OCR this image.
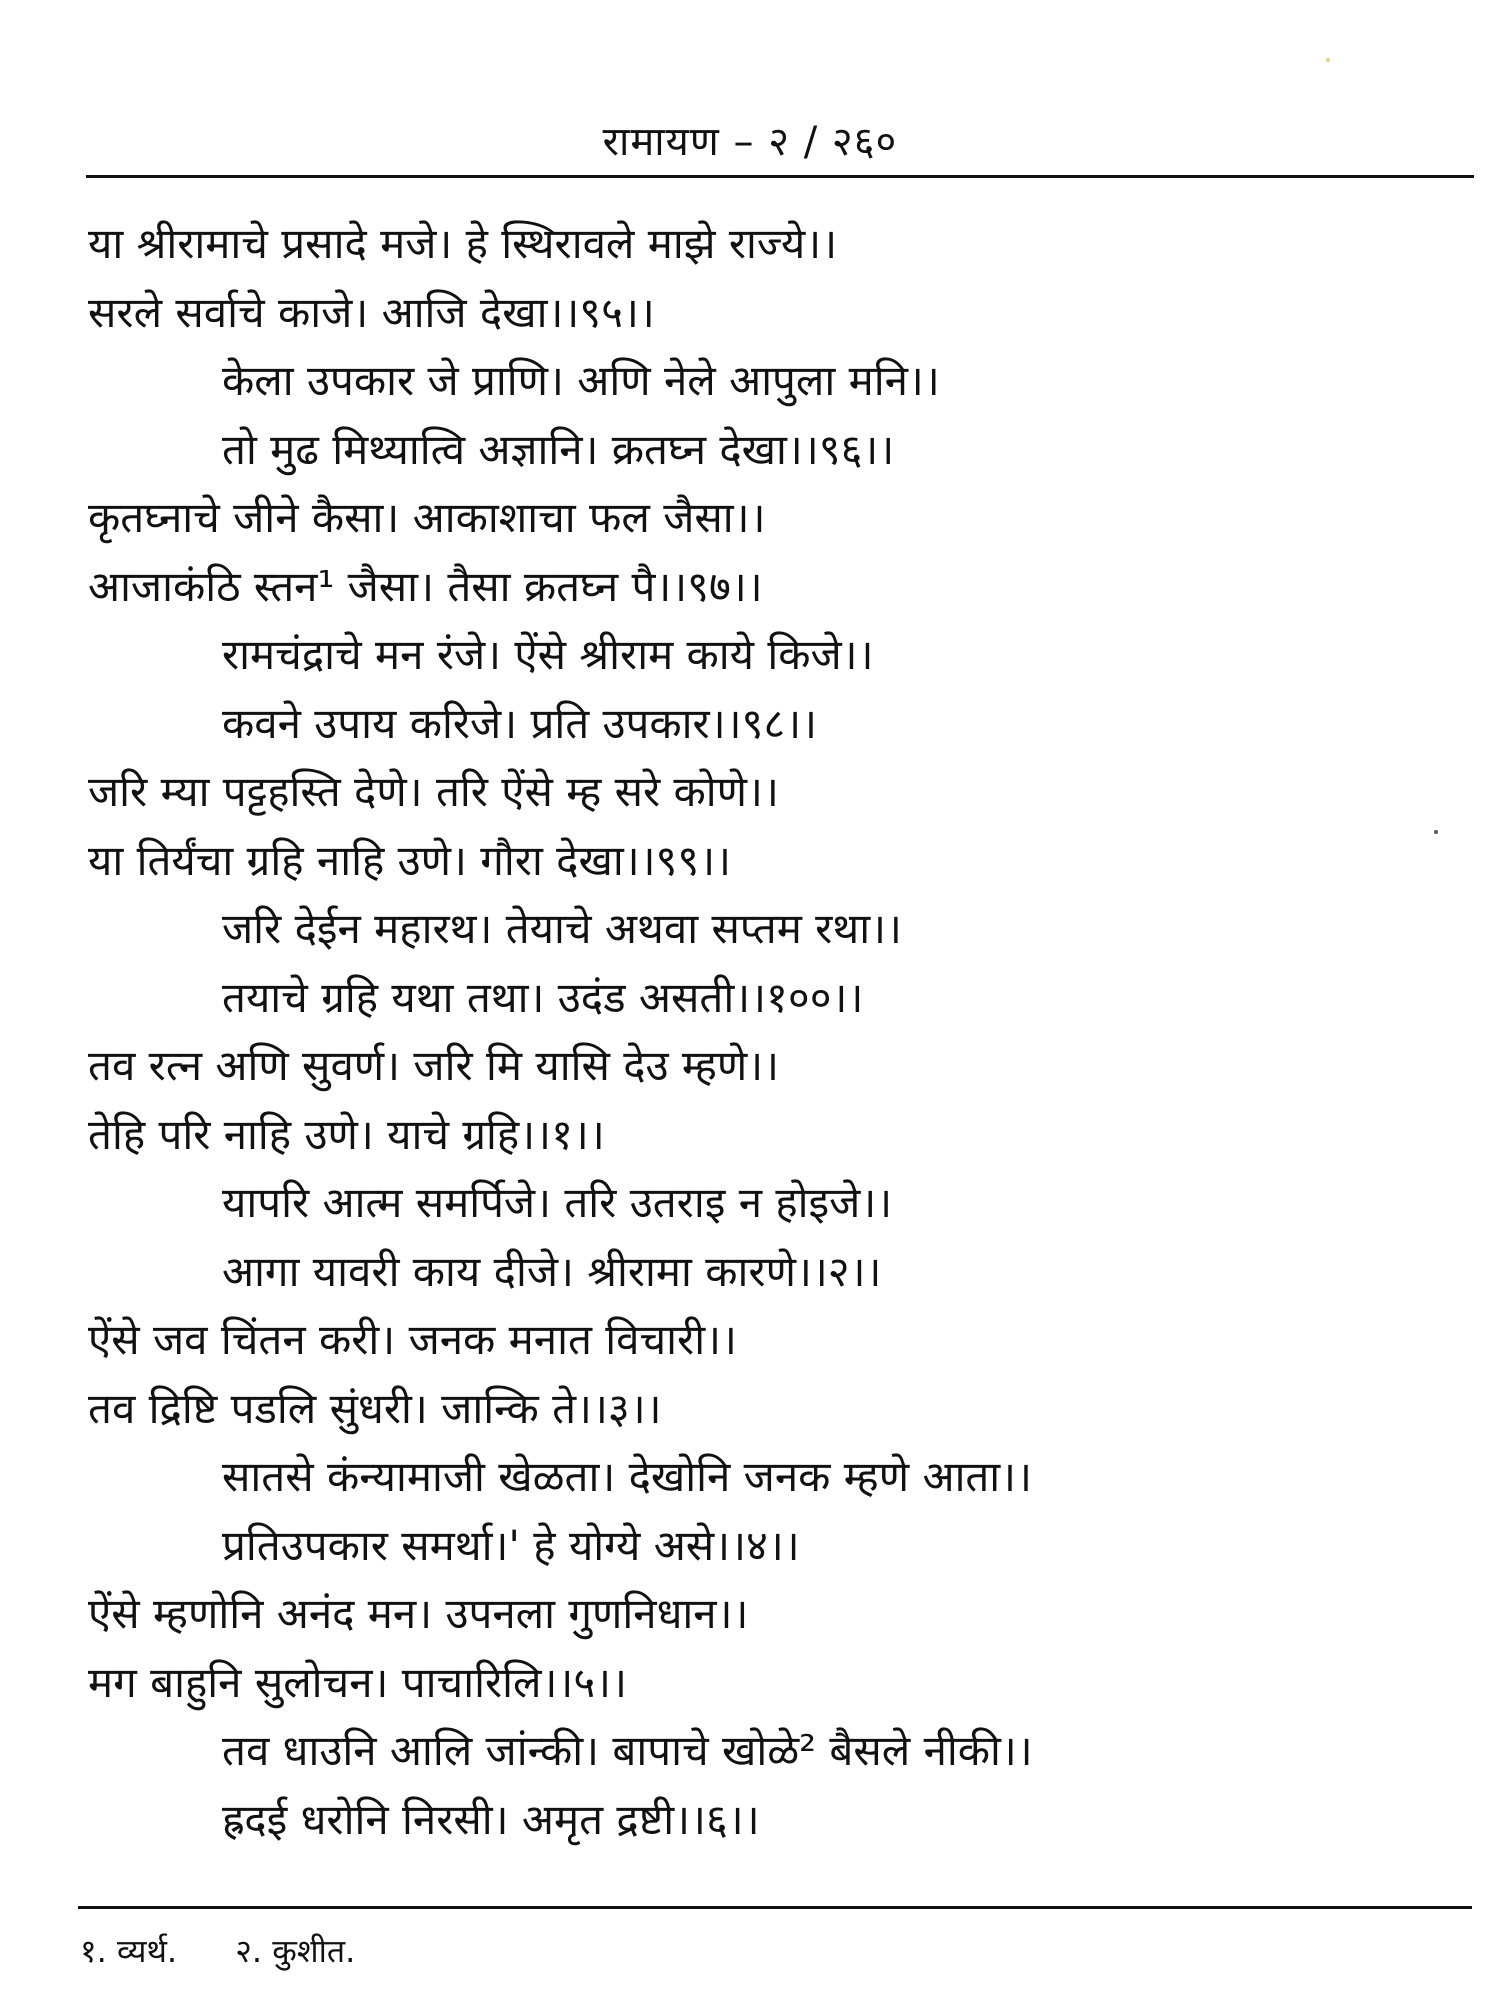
रामायण – २ / २६०
या श्रीरामाचे प्रसादे मजे। हे स्थिरावले माझे राज्ये।।
सरले सर्वाचे काजे। आजि देखा।।९५।।
केला उपकार जे प्राणि। अणि नेले आपुला मनि।।
तो मुढ मिथ्यात्वि अज्ञानि। क्रतघ्न देखा।।९६।।
कृतघ्नाचे जीने कैसा। आकाशाचा फल जैसा।।
आजाकंठि स्तन¹ जैसा। तैसा क्रतघ्न पै।।९७।।
रामचंद्राचे मन रंजे। ऐंसे श्रीराम काये किजे।।
कवने उपाय करिजे। प्रति उपकार।।९८।।
जरि म्या पट्टहस्ति देणे। तरि ऐंसे म्ह सरे कोणे।।
या तिर्यंचा ग्रहि नाहि उणे। गौरा देखा।।९९।।
जरि देईन महारथ। तेयाचे अथवा सप्तम रथा।।
तयाचे ग्रहि यथा तथा। उदंड असती।।१००।।
तव रत्न अणि सुवर्ण। जरि मि यासि देउ म्हणे।।
तेहि परि नाहि उणे। याचे ग्रहि।।१।।
यापरि आत्म समर्पिजे। तरि उतराइ न होइजे।।
आगा यावरी काय दीजे। श्रीरामा कारणे।।२।।
ऐंसे जव चिंतन करी। जनक मनात विचारी।।
तव द्रिष्टि पडलि सुंधरी। जान्कि ते।।३।।
सातसे कंन्यामाजी खेळता। देखोनि जनक म्हणे आता।।
प्रतिउपकार समर्था।' हे योग्ये असे।।४।।
ऐंसे म्हणोनि अनंद मन। उपनला गुणनिधान।।
मग बाहुनि सुलोचन। पाचारिलि।।५।।
तव धाउनि आलि जांन्की। बापाचे खोळे² बैसले नीकी।।
ह्रदई धरोनि निरसी। अमृत द्रष्टी।।६।।
१. व्यर्थ. २. कुशीत.
